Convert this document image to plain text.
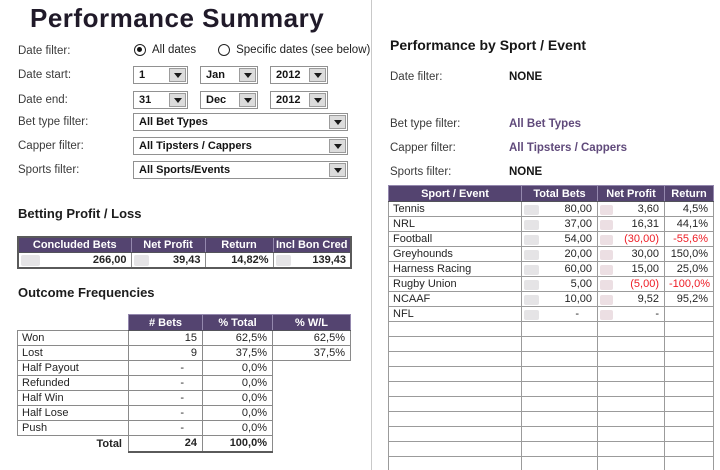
Performance Summary
Date filter:	All dates	Specific dates (see below)
Date start:	1	Jan	2012
Date end:	31	Dec	2012
Bet type filter:	All Bet Types
Capper filter:	All Tipsters / Cappers
Sports filter:	All Sports/Events
Betting Profit / Loss
Concluded Bets	Net Profit	Return	Incl Bon Cred

266,00	39,43	14,82%	139,43
Outcome Frequencies
	# Bets	% Total	% W/L
Won	15	62,5%	62,5%
Lost	9	37,5%	37,5%
Half Payout	-	0,0%	
Refunded	-	0,0%	
Half Win	-	0,0%	
Half Lose	-	0,0%	
Push	-	0,0%	
Total	24	100,0%	
Performance by Sport / Event
Date filter:	NONE
Bet type filter:	All Bet Types
Capper filter:	All Tipsters / Cappers
Sports filter:	NONE
Sport / Event	Total Bets	Net Profit	Return
Tennis	80,00	3,60	4,5%
NRL	37,00	16,31	44,1%
Football	54,00	(30,00)	-55,6%
Greyhounds	20,00	30,00	150,0%
Harness Racing	60,00	15,00	25,0%
Rugby Union	5,00	(5,00)	-100,0%
NCAAF	10,00	9,52	95,2%
NFL	-	-	
